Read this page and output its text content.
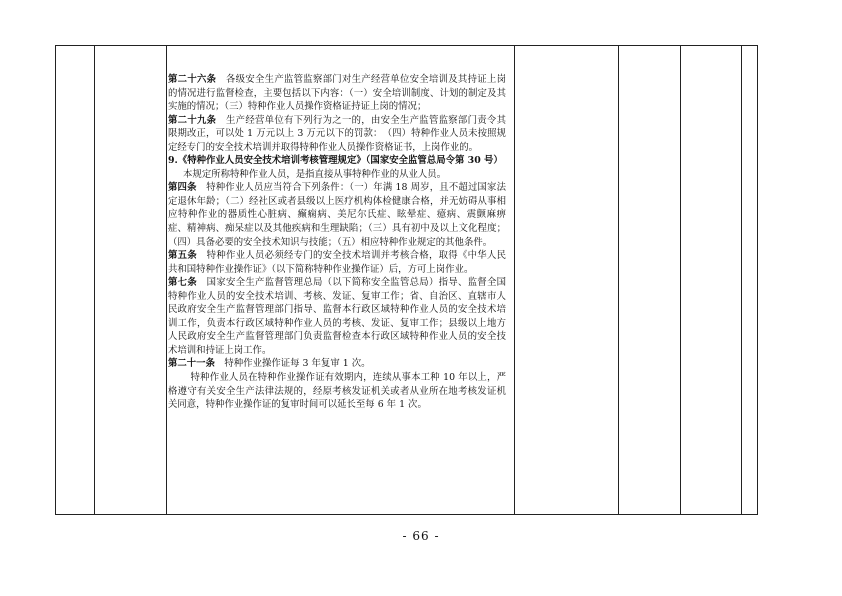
第二十六条　 各级安全生产监管监察部门对生产经营单位安全培训及其持证上岗的情况进行监督检查，主要包括以下内容：（一）安全培训制度、计划的制定及其实施的情况；（三）特种作业人员操作资格证持证上岗的情况；

第二十九条　 生产经营单位有下列行为之一的，由安全生产监管监察部门责令其限期改正，可以处 1 万元以上 3 万元以下的罚款：　（四）特种作业人员未按照规定经专门的安全技术培训并取得特种作业人员操作资格证书，上岗作业的。

9.《特种作业人员安全技术培训考核管理规定》（国家安全监管总局令第 30 号）

本规定所称特种作业人员，是指直接从事特种作业的从业人员。

第四条　 特种作业人员应当符合下列条件：（一）年满 18 周岁，且不超过国家法定退休年龄；（二）经社区或者县级以上医疗机构体检健康合格，并无妨碍从事相应特种作业的器质性心脏病、癫痫病、美尼尔氏症、眩晕症、癔病、震颤麻痹症、精神病、痴呆症以及其他疾病和生理缺陷；（三）具有初中及以上文化程度；（四）具备必要的安全技术知识与技能；（五）相应特种作业规定的其他条件。

第五条　 特种作业人员必须经专门的安全技术培训并考核合格，取得《中华人民共和国特种作业操作证》（以下简称特种作业操作证）后，方可上岗作业。

第七条　 国家安全生产监督管理总局（以下简称安全监管总局）指导、监督全国特种作业人员的安全技术培训、考核、发证、复审工作；省、自治区、直辖市人民政府安全生产监督管理部门指导、监督本行政区域特种作业人员的安全技术培训工作，负责本行政区域特种作业人员的考核、发证、复审工作；县级以上地方人民政府安全生产监督管理部门负责监督检查本行政区域特种作业人员的安全技术培训和持证上岗工作。

第二十一条　 特种作业操作证每 3 年复审 1 次。

特种作业人员在特种作业操作证有效期内，连续从事本工种 10 年以上，严格遵守有关安全生产法律法规的，经原考核发证机关或者从业所在地考核发证机关同意，特种作业操作证的复审时间可以延长至每 6 年 1 次。

- 66 -
